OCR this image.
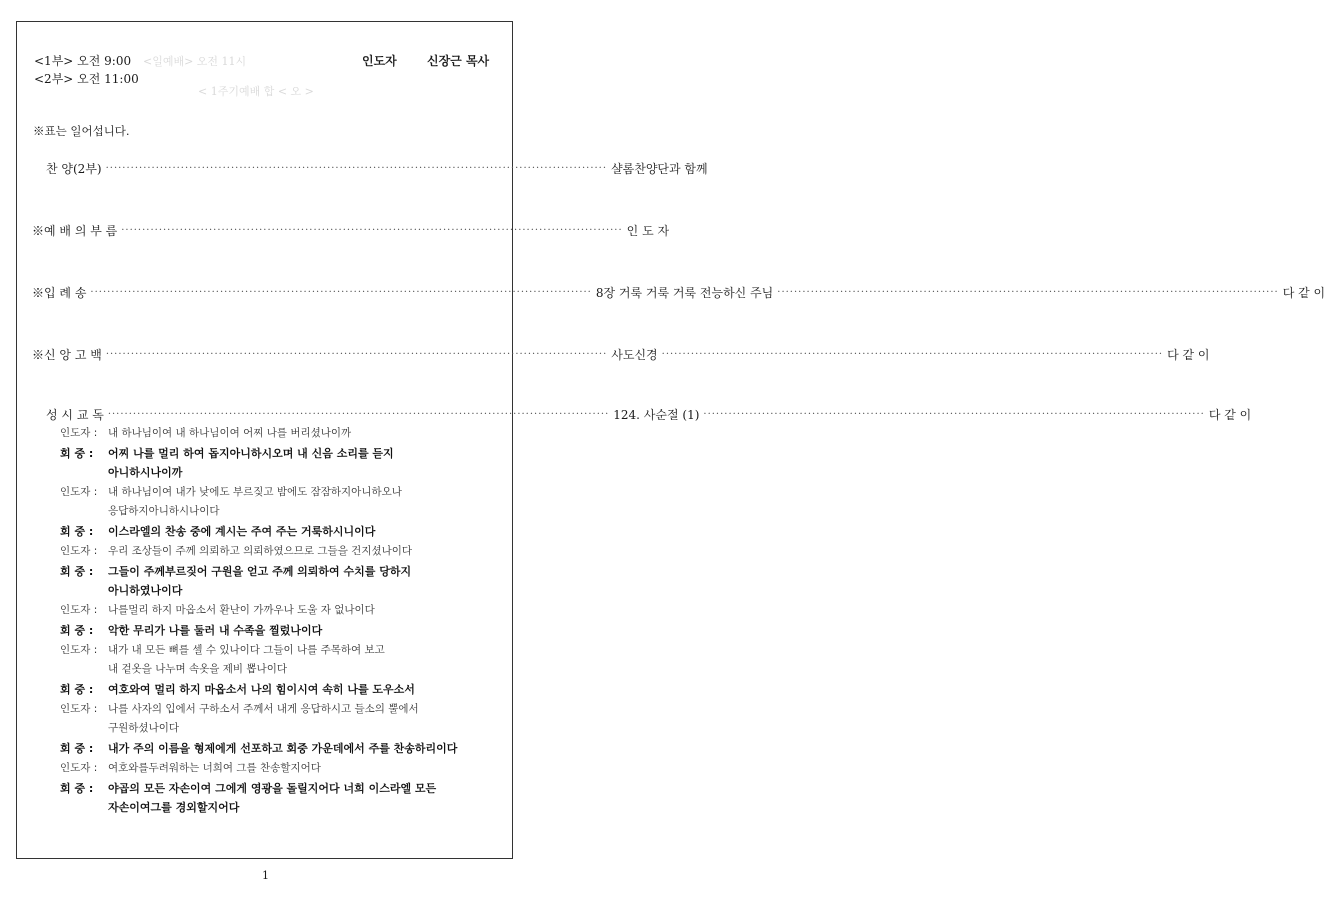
<1부> 오전 9:00 <일예배> 오전 11시
<2부> 오전 11:00
< 1주기예배 합 < 오 >
인도자	신장근 목사
※표는 일어섭니다.
찬 양(2부) ························································································································ 샬롬찬양단과 함께
※예 배 의 부 름 ························································································································ 인 도 자
※입 례 송 ························································································································ 8장 거룩 거룩 거룩 전능하신 주님 ························································································································ 다 같 이
※신 앙 고 백 ························································································································ 사도신경 ························································································································ 다 같 이
성 시 교 독 ························································································································ 124. 사순절 (1) ························································································································ 다 같 이
인도자 : 내 하나님이여 내 하나님이여 어찌 나를 버리셨나이까
회 중 : 어찌 나를 멀리 하여 돕지아니하시오며 내 신음 소리를 듣지
아니하시나이까
인도자 : 내 하나님이여 내가 낮에도 부르짖고 밤에도 잠잠하지아니하오나
응답하지아니하시나이다
회 중 : 이스라엘의 찬송 중에 계시는 주여 주는 거룩하시니이다
인도자 : 우리 조상들이 주께 의뢰하고 의뢰하였으므로 그들을 건지셨나이다
회 중 : 그들이 주께부르짖어 구원을 얻고 주께 의뢰하여 수치를 당하지
아니하였나이다
인도자 : 나를멀리 하지 마옵소서 환난이 가까우나 도울 자 없나이다
회 중 : 악한 무리가 나를 둘러 내 수족을 찔렀나이다
인도자 : 내가 내 모든 뼈를 셀 수 있나이다 그들이 나를 주목하여 보고
내 겉옷을 나누며 속옷을 제비 뽑나이다
회 중 : 여호와여 멀리 하지 마옵소서 나의 힘이시여 속히 나를 도우소서
인도자 : 나를 사자의 입에서 구하소서 주께서 내게 응답하시고 들소의 뿔에서
구원하셨나이다
회 중 : 내가 주의 이름을 형제에게 선포하고 회중 가운데에서 주를 찬송하리이다
인도자 : 여호와를두려워하는 너희여 그를 찬송할지어다
회 중 : 야곱의 모든 자손이여 그에게 영광을 돌릴지어다 너희 이스라엘 모든
자손이여그를 경외할지어다
1
